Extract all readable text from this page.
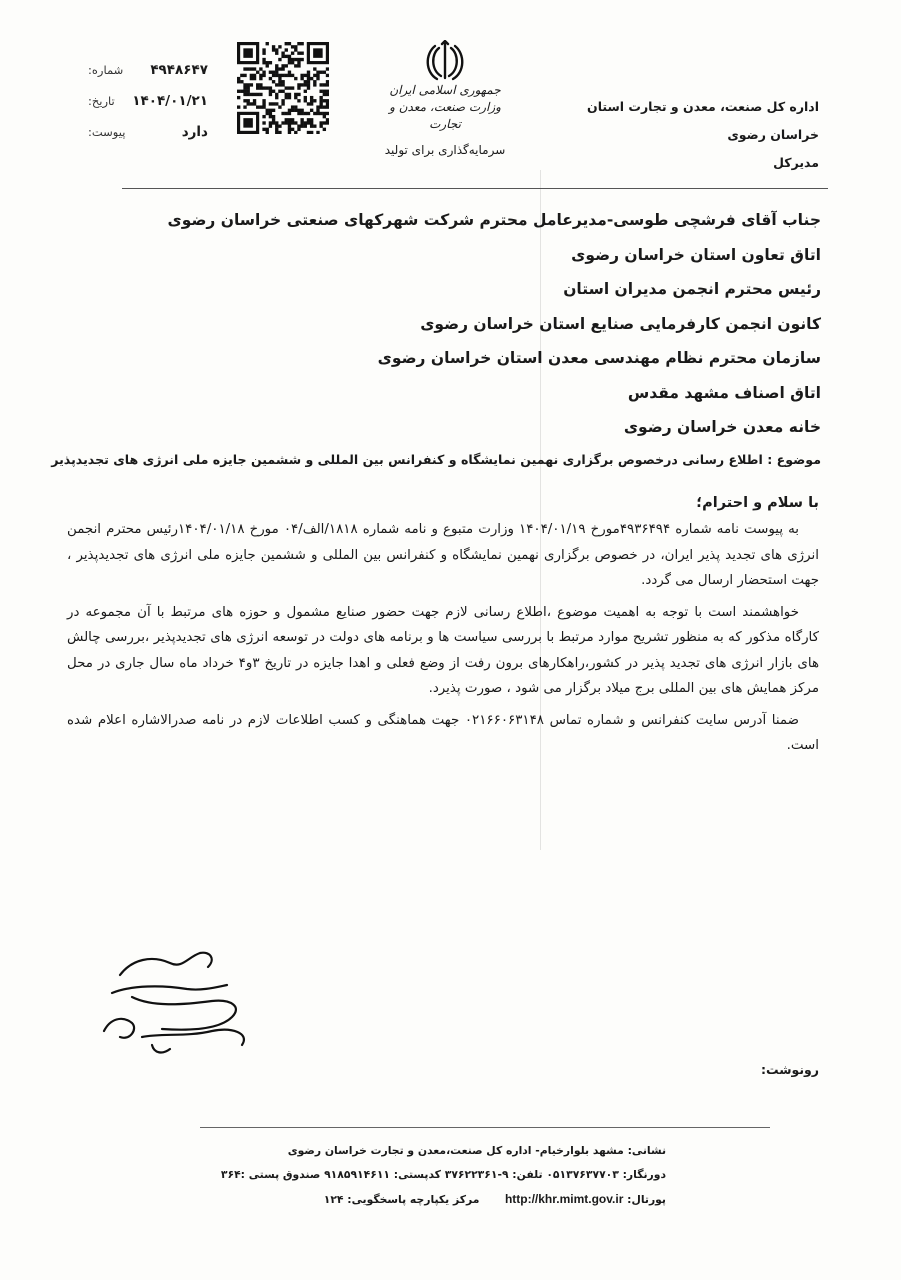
اداره کل صنعت، معدن و تجارت استان خراسان رضوی
مدیرکل
جمهوری اسلامی ایران
وزارت صنعت، معدن و تجارت
سرمایه‌گذاری برای تولید
شماره: ۴۹۴۸۶۴۷
تاریخ: ۱۴۰۴/۰۱/۲۱
پیوست:	دارد
جناب آقای فرشچی طوسی-مدیرعامل محترم شرکت شهرکهای صنعتی خراسان رضوی
اتاق تعاون استان خراسان رضوی
رئیس محترم انجمن مدیران استان
کانون انجمن کارفرمایی صنایع استان خراسان رضوی
سازمان محترم نظام مهندسی معدن استان خراسان رضوی
اتاق اصناف مشهد مقدس
خانه معدن خراسان رضوی
موضوع : اطلاع رسانی درخصوص برگزاری نهمین نمایشگاه و کنفرانس بین المللی و ششمین جایزه ملی انرژی های تجدیدپذیر
با سلام و احترام؛

به پیوست نامه شماره ۴۹۳۶۴۹۴مورخ ۱۴۰۴/۰۱/۱۹ وزارت متبوع و نامه شماره ۱۸۱۸/الف/۰۴ مورخ ۱۴۰۴/۰۱/۱۸رئیس محترم انجمن انرژی های تجدید پذیر ایران، در خصوص برگزاری نهمین نمایشگاه و کنفرانس بین المللی و ششمین جایزه ملی انرژی های تجدیدپذیر ، جهت استحضار ارسال می گردد.

خواهشمند است با توجه به اهمیت موضوع ،اطلاع رسانی لازم جهت حضور صنایع مشمول و حوزه های مرتبط با آن مجموعه در کارگاه مذکور که به منظور تشریح موارد مرتبط با بررسی سیاست ها و برنامه های دولت در توسعه انرژی های تجدیدپذیر ،بررسی چالش های بازار انرژی های تجدید پذیر در کشور،راهکارهای برون رفت از وضع فعلی و اهدا جایزه در تاریخ ۳و۴ خرداد ماه سال جاری در محل مرکز همایش های بین المللی برج میلاد برگزار می شود ، صورت پذیرد.

ضمنا آدرس سایت کنفرانس و شماره تماس ۰۲۱۶۶۰۶۳۱۴۸ جهت هماهنگی و کسب اطلاعات لازم در نامه صدرالاشاره اعلام شده است.

رونوشت:
نشانی: مشهد بلوارخیام- اداره کل صنعت،معدن و تجارت خراسان رضوی
دورنگار: ۰۵۱۳۷۶۳۷۷۰۳ تلفن: ۹-۳۷۶۲۲۳۶۱ کدپستی: ۹۱۸۵۹۱۴۶۱۱ صندوق پستی :۳۶۴
پورتال: http://khr.mimt.gov.ir  مرکز یکپارچه پاسخگویی: ۱۲۴
